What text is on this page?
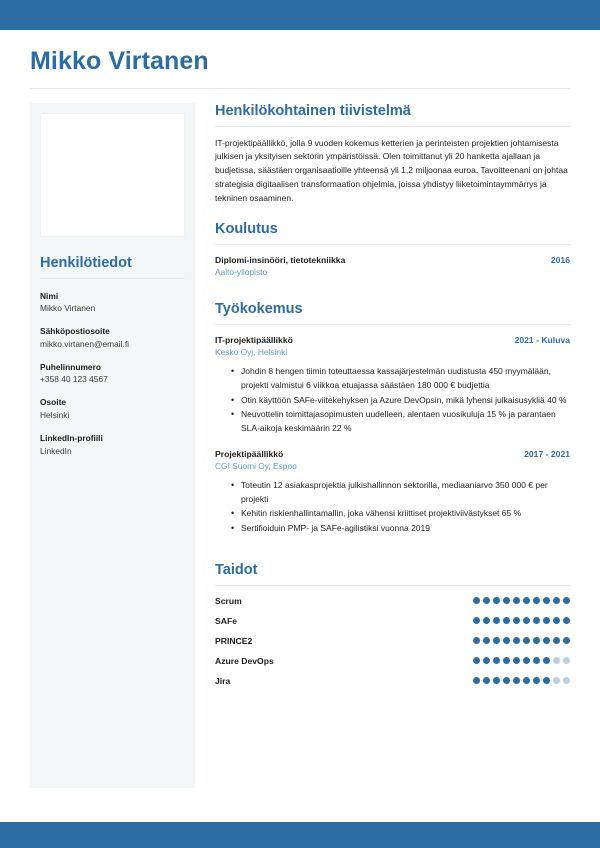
Mikko Virtanen
Henkilötiedot
Nimi
Mikko Virtanen
Sähköpostiosoite
mikko.virtanen@email.fi
Puhelinnumero
+358 40 123 4567
Osoite
Helsinki
LinkedIn-profiili
LinkedIn
Henkilökohtainen tiivistelmä

IT-projektipäällikkö, jolla 9 vuoden kokemus ketterien ja perinteisten projektien johtamisesta julkisen ja yksityisen sektorin ympäristöissä. Olen toimittanut yli 20 hanketta ajallaan ja budjetissa, säästäen organisaatioille yhteensä yli 1,2 miljoonaa euroa. Tavoitteenani on johtaa strategisia digitaalisen transformaation ohjelmia, joissa yhdistyy liiketoimintaymmärrys ja tekninen osaaminen.

Koulutus
Diplomi-insinööri, tietotekniikka	2016
Aalto-yliopisto
Työkokemus
IT-projektipäällikkö	2021 - Kuluva
Kesko Oyj, Helsinki
• Johdin 8 hengen tiimin toteuttaessa kassajärjestelmän uudistusta 450 myymälään, projekti valmistui 6 viikkoa etuajassa säästäen 180 000 € budjettia
• Otin käyttöön SAFe-viitekehyksen ja Azure DevOpsin, mikä lyhensi julkaisusykliä 40 %
• Neuvottelin toimittajasopimusten uudelleen, alentaen vuosikuluja 15 % ja parantaen SLA-aikoja keskimäärin 22 %
Projektipäällikkö	2017 - 2021
CGI Suomi Oy, Espoo
• Toteutin 12 asiakasprojektia julkishallinnon sektorilla, mediaaniarvo 350 000 € per projekti
• Kehitin riskienhallintamallin, joka vähensi kriittiset projektiviivästykset 65 %
• Sertifioiduin PMP- ja SAFe-agilistiksi vuonna 2019
Taidot
Scrum
SAFe
PRINCE2
Azure DevOps
Jira
